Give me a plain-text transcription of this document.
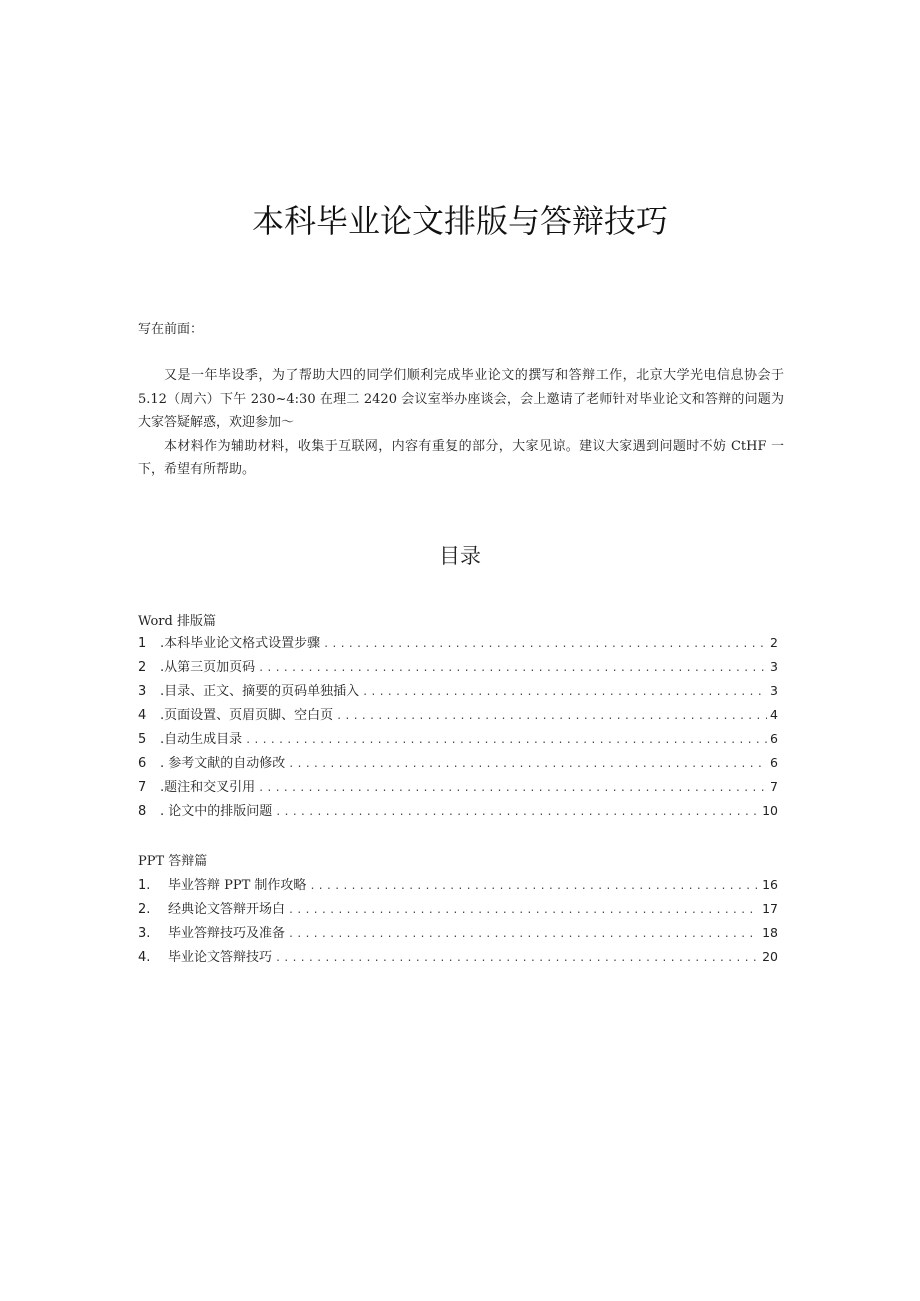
本科毕业论文排版与答辩技巧
写在前面：

又是一年毕设季，为了帮助大四的同学们顺利完成毕业论文的撰写和答辩工作，北京大学光电信息协会于 5.12（周六）下午 230~4:30 在理二 2420 会议室举办座谈会，会上邀请了老师针对毕业论文和答辩的问题为大家答疑解惑，欢迎参加～

本材料作为辅助材料，收集于互联网，内容有重复的部分，大家见谅。建议大家遇到问题时不妨 CtHF 一下，希望有所帮助。

目录
Word 排版篇
1	.本科毕业论文格式设置步骤 .....	2
2	.从第三页加页码 .....	3
3	.目录、正文、摘要的页码单独插入 .....	3
4	.页面设置、页眉页脚、空白页 .....	4
5	.自动生成目录 .....	6
6	. 参考文献的自动修改 .....	6
7	.题注和交叉引用 .....	7
8	. 论文中的排版问题 .....	10
PPT 答辩篇
1.	毕业答辩 PPT 制作攻略 .....	16
2.	经典论文答辩开场白 .....	17
3.	毕业答辩技巧及准备 .....	18
4.	毕业论文答辩技巧 .....	20
